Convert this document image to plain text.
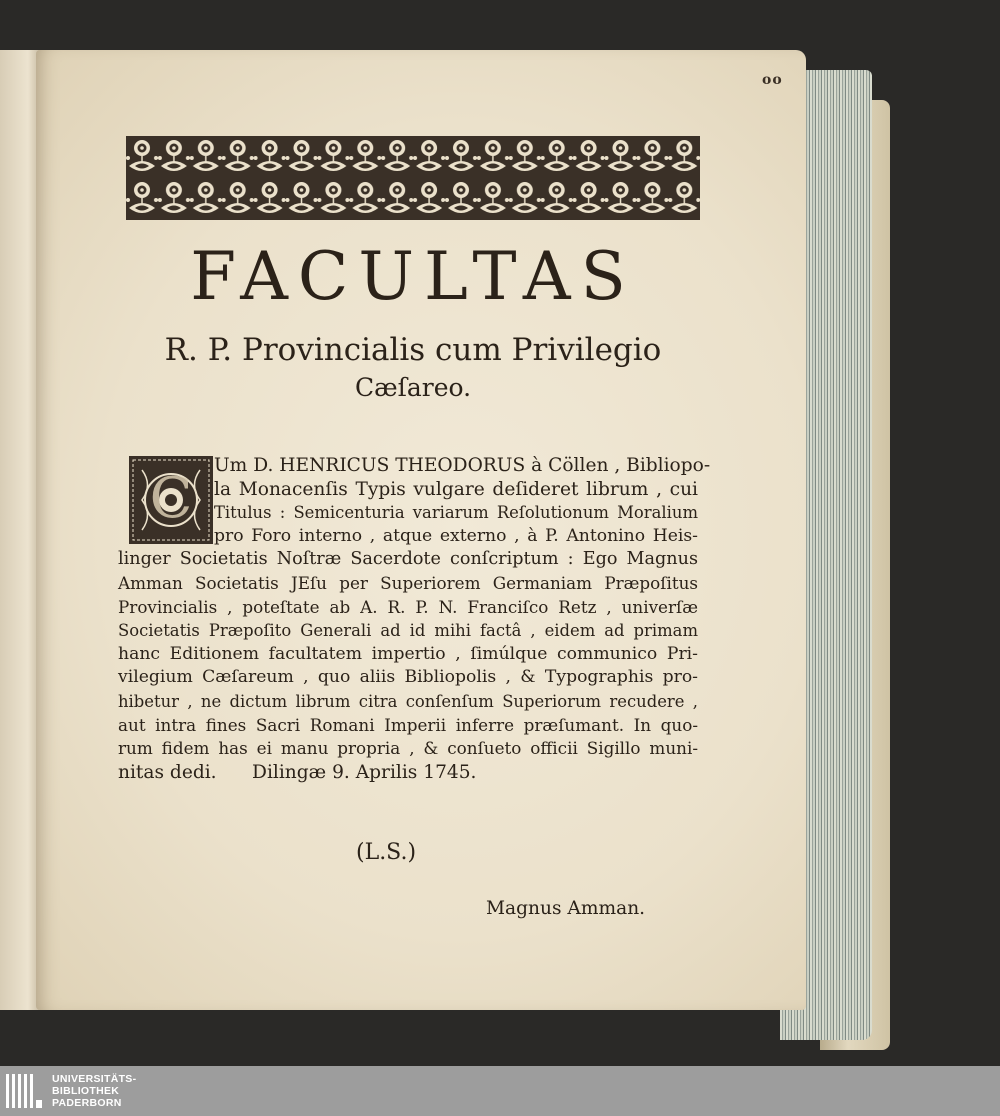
oo
FACULTAS
R. P. Provincialis cum Privilegio
Cæſareo.
C
Um D. HENRICUS THEODORUS à Cöllen , Bibliopo-
la Monacenſis Typis vulgare deſideret librum , cui
Titulus : Semicenturia variarum Reſolutionum Moralium
pro Foro interno , atque externo , à P. Antonino Heis-
linger Societatis Noſtræ Sacerdote conſcriptum : Ego Magnus
Amman Societatis JEſu per Superiorem Germaniam Præpoſitus
Provincialis , poteſtate ab A. R. P. N. Franciſco Retz , univerſæ
Societatis Præpoſito Generali ad id mihi factâ , eidem ad primam
hanc Editionem facultatem impertio , ſimúlque communico Pri-
vilegium Cæſareum , quo aliis Bibliopolis , & Typographis pro-
hibetur , ne dictum librum citra conſenſum Superiorum recudere ,
aut intra fines Sacri Romani Imperii inferre præſumant. In quo-
rum fidem has ei manu propria , & conſueto officii Sigillo muni-
nitas dedi.      Dilingæ 9. Aprilis 1745.
(L.S.)
Magnus Amman.
UNIVERSITÄTS-
BIBLIOTHEK
PADERBORN
